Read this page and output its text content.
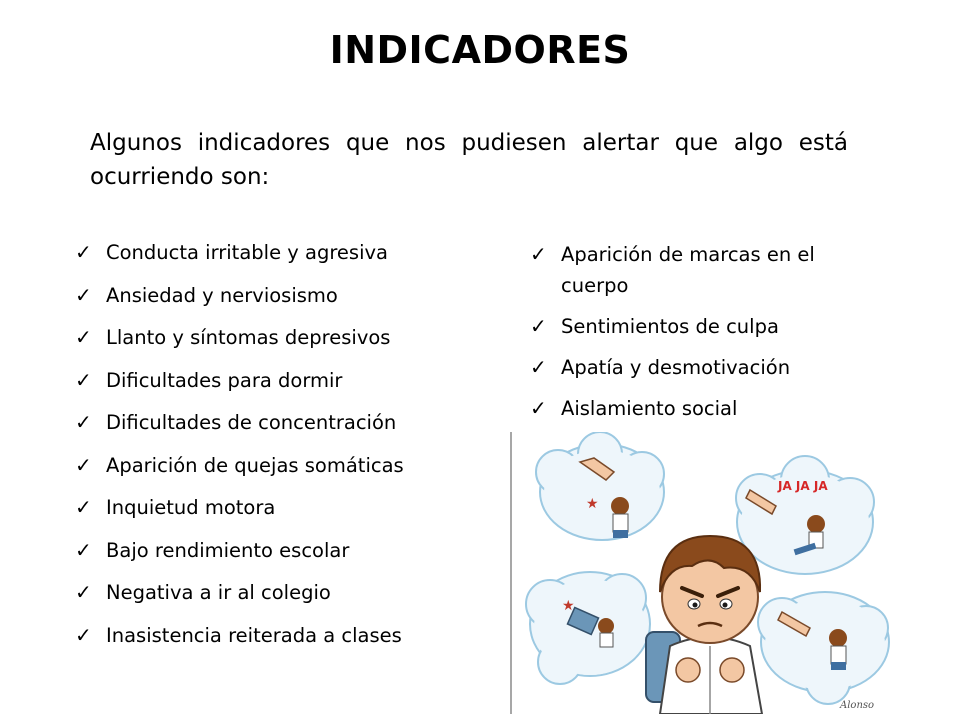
INDICADORES
Algunos indicadores que nos pudiesen alertar que algo está ocurriendo son:
✓ Conducta irritable y agresiva
✓ Ansiedad y nerviosismo
✓ Llanto y síntomas depresivos
✓ Dificultades para dormir
✓ Dificultades de concentración
✓ Aparición de quejas somáticas
✓ Inquietud motora
✓ Bajo rendimiento escolar
✓ Negativa a ir al colegio
✓ Inasistencia reiterada a clases
✓ Aparición de marcas en el cuerpo
✓ Sentimientos de culpa
✓ Apatía y desmotivación
✓ Aislamiento social
★
JA JA JA
★
Alonso
